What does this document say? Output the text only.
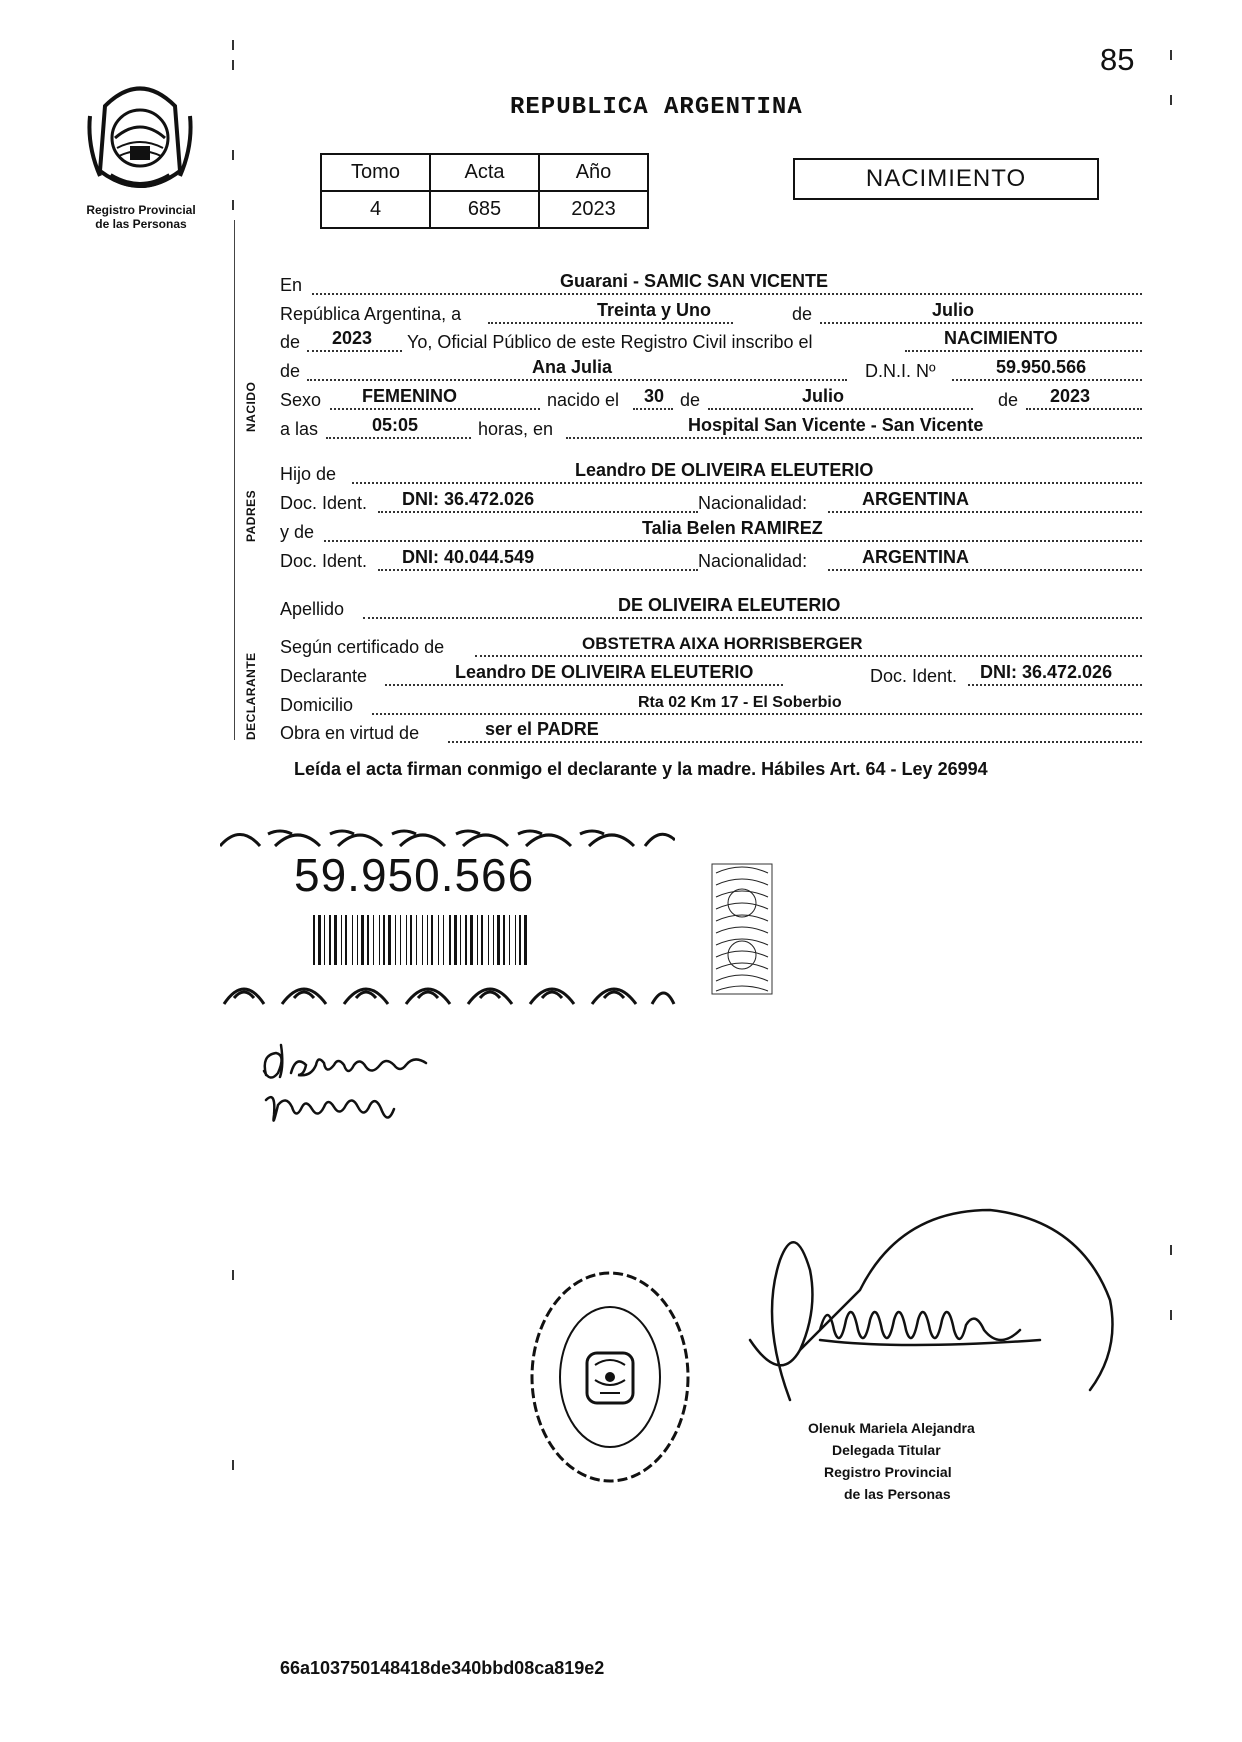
85
REPUBLICA ARGENTINA
Registro Provincial
de las Personas
Tomo	Acta	Año
4	685	2023
NACIMIENTO
NACIDO
PADRES
DECLARANTE
En	Guarani - SAMIC SAN VICENTE
República Argentina, a	Treinta y Uno	de	Julio
de 2023 Yo, Oficial Público de este Registro Civil inscribo el	NACIMIENTO
de	Ana Julia	D.N.I. Nº	59.950.566
Sexo FEMENINO	nacido el 30 de	Julio	de 2023
a las	05:05	horas, en	Hospital San Vicente - San Vicente
Hijo de	Leandro DE OLIVEIRA ELEUTERIO
Doc. Ident. DNI: 36.472.026	Nacionalidad:	ARGENTINA
y de	Talia Belen RAMIREZ
Doc. Ident. DNI: 40.044.549	Nacionalidad:	ARGENTINA
Apellido	DE OLIVEIRA ELEUTERIO
Según certificado de	OBSTETRA AIXA HORRISBERGER
Declarante	Leandro DE OLIVEIRA ELEUTERIO	Doc. Ident. DNI: 36.472.026
Domicilio	Rta 02 Km 17 - El Soberbio
Obra en virtud de	ser el PADRE
Leída el acta firman conmigo el declarante y la madre. Hábiles Art. 64 - Ley 26994
59.950.566
Olenuk Mariela Alejandra
Delegada Titular
Registro Provincial
de las Personas
66a103750148418de340bbd08ca819e2
